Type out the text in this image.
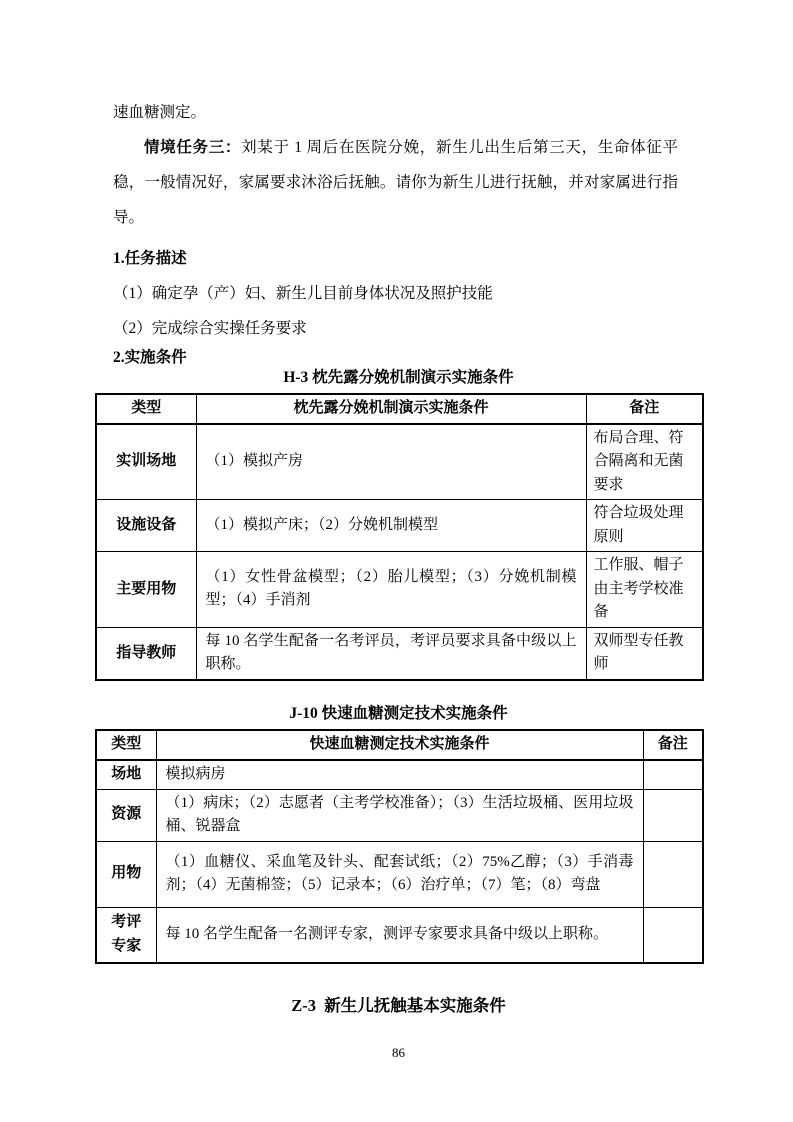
速血糖测定。

情境任务三：刘某于 1 周后在医院分娩，新生儿出生后第三天，生命体征平稳，一般情况好，家属要求沐浴后抚触。请你为新生儿进行抚触，并对家属进行指导。

1.任务描述

（1）确定孕（产）妇、新生儿目前身体状况及照护技能

（2）完成综合实操任务要求

2.实施条件

H-3 枕先露分娩机制演示实施条件

类型	枕先露分娩机制演示实施条件	备注
实训场地	（1）模拟产房	布局合理、符合隔离和无菌要求
设施设备	（1）模拟产床；（2）分娩机制模型	符合垃圾处理原则
主要用物	（1）女性骨盆模型；（2）胎儿模型；（3）分娩机制模型；（4）手消剂	工作服、帽子由主考学校准备
指导教师	每 10 名学生配备一名考评员，考评员要求具备中级以上职称。	双师型专任教师

J-10 快速血糖测定技术实施条件

类型	快速血糖测定技术实施条件	备注
场地	模拟病房	
资源	（1）病床；（2）志愿者（主考学校准备）；（3）生活垃圾桶、医用垃圾桶、锐器盒	
用物	（1）血糖仪、采血笔及针头、配套试纸；（2）75%乙醇；（3）手消毒剂；（4）无菌棉签；（5）记录本；（6）治疗单；（7）笔；（8）弯盘	
考评专家	每 10 名学生配备一名测评专家，测评专家要求具备中级以上职称。	

Z-3  新生儿抚触基本实施条件

86
